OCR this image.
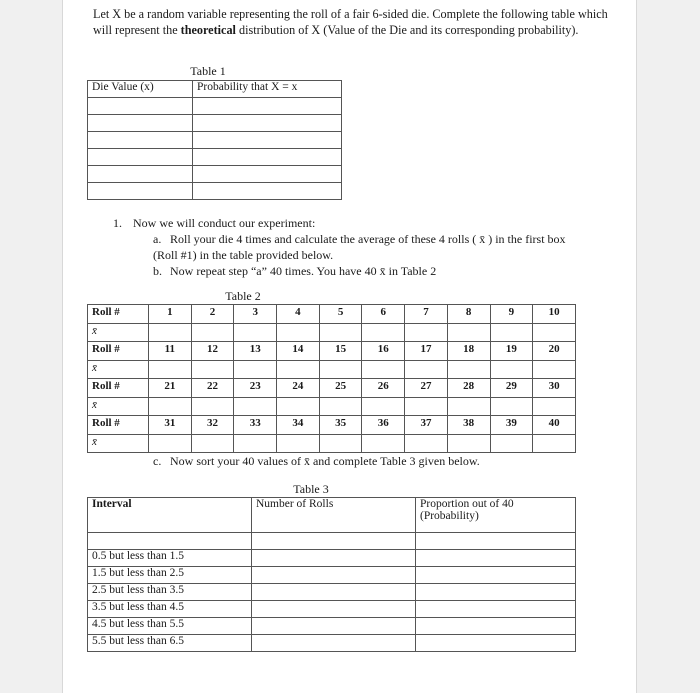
Let X be a random variable representing the roll of a fair 6-sided die. Complete the following table which will represent the theoretical distribution of X (Value of the Die and its corresponding probability).

Table 1
Die Value (x)	Probability that X = x

1. Now we will conduct our experiment:
a. Roll your die 4 times and calculate the average of these 4 rolls ( x̄ ) in the first box (Roll #1) in the table provided below.
b. Now repeat step “a” 40 times. You have 40 x̄ in Table 2
Table 2
Roll #	1	2	3	4	5	6	7	8	9	10
x̄										
Roll #	11	12	13	14	15	16	17	18	19	20
x̄										
Roll #	21	22	23	24	25	26	27	28	29	30
x̄										
Roll #	31	32	33	34	35	36	37	38	39	40
x̄										
c. Now sort your 40 values of x̄ and complete Table 3 given below.
Table 3
Interval	Number of Rolls	Proportion out of 40 (Probability)

0.5 but less than 1.5		
1.5 but less than 2.5		
2.5 but less than 3.5		
3.5 but less than 4.5		
4.5 but less than 5.5		
5.5 but less than 6.5		
